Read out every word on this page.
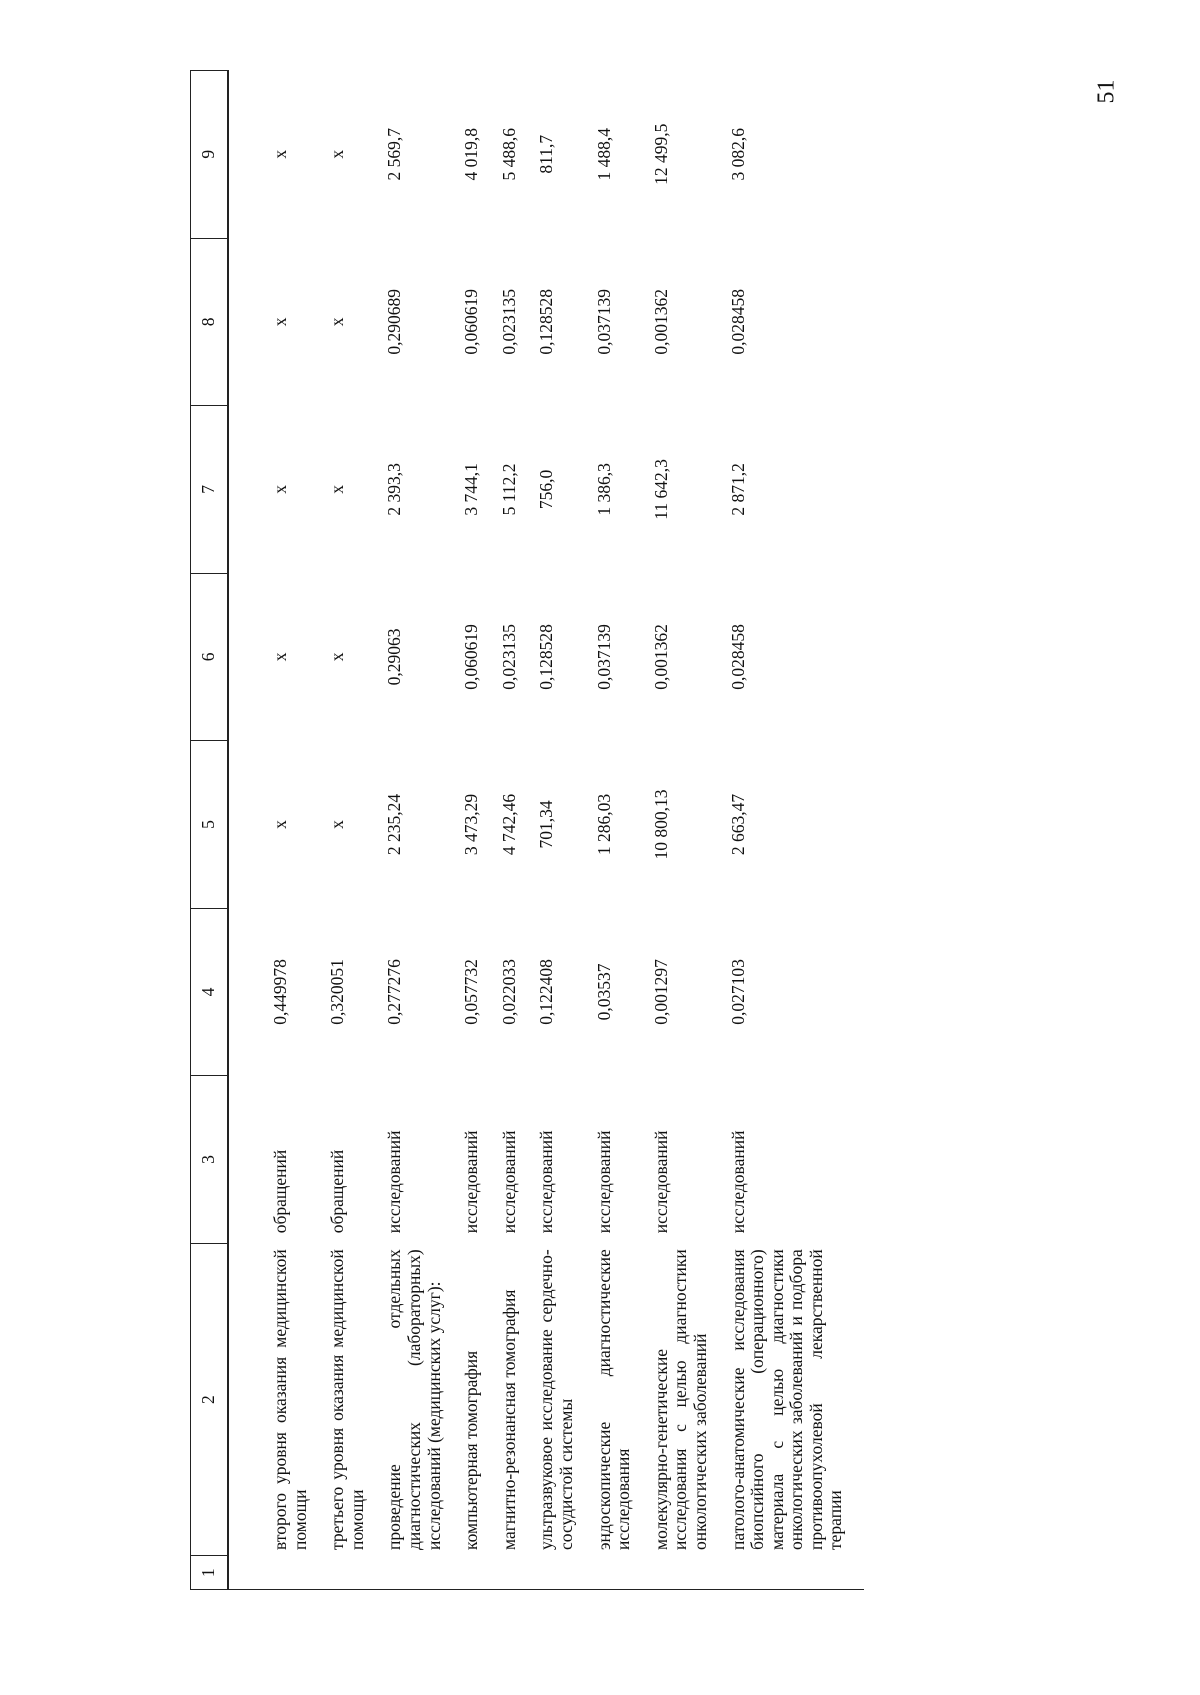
51
1	2	3	4	5	6	7	8	9
	второго уровня оказания медицинской помощи	обращений	0,449978	x	x	x	x	x
	третьего уровня оказания медицинской помощи	обращений	0,320051	x	x	x	x	x
	проведение отдельных диагностических (лабораторных) исследований (медицинских услуг):	исследований	0,277276	2 235,24	0,29063	2 393,3	0,290689	2 569,7
	компьютерная томография	исследований	0,057732	3 473,29	0,060619	3 744,1	0,060619	4 019,8
	магнитно-резонансная томография	исследований	0,022033	4 742,46	0,023135	5 112,2	0,023135	5 488,6
	ультразвуковое исследование сердечно-сосудистой системы	исследований	0,122408	701,34	0,128528	756,0	0,128528	811,7
	эндоскопические диагностические исследования	исследований	0,03537	1 286,03	0,037139	1 386,3	0,037139	1 488,4
	молекулярно-генетические исследования с целью диагностики онкологических заболеваний	исследований	0,001297	10 800,13	0,001362	11 642,3	0,001362	12 499,5
	патолого-анатомические исследования биопсийного (операционного) материала с целью диагностики онкологических заболеваний и подбора противоопухолевой лекарственной терапии	исследований	0,027103	2 663,47	0,028458	2 871,2	0,028458	3 082,6
